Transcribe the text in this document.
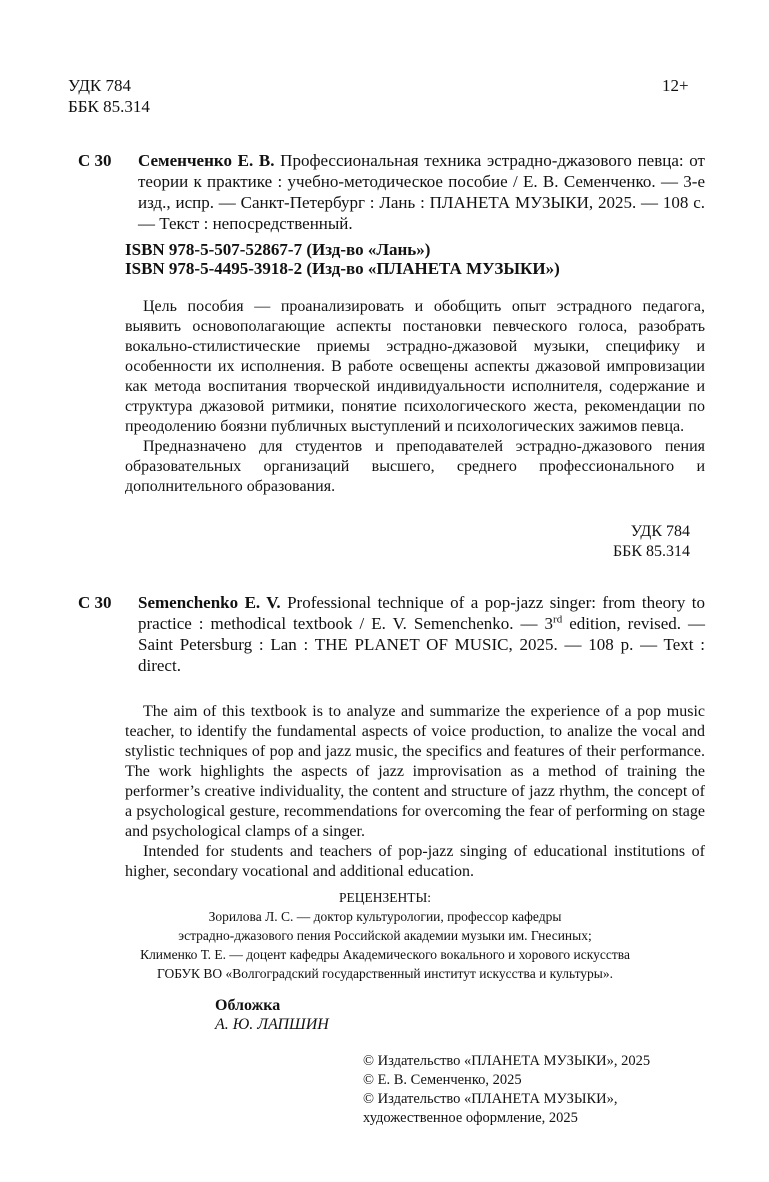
УДК 784
ББК 85.314
12+
С 30 Семенченко Е. В. Профессиональная техника эстрадно-джазового певца: от теории к практике : учебно-методическое пособие / Е. В. Семенченко. — 3-е изд., испр. — Санкт-Петербург : Лань : ПЛАНЕТА МУЗЫКИ, 2025. — 108 с. — Текст : непосредственный.
ISBN 978-5-507-52867-7 (Изд-во «Лань»)
ISBN 978-5-4495-3918-2 (Изд-во «ПЛАНЕТА МУЗЫКИ»)

Цель пособия — проанализировать и обобщить опыт эстрадного педагога, выявить основополагающие аспекты постановки певческого голоса, разобрать вокально-стилистические приемы эстрадно-джазовой музыки, специфику и особенности их исполнения. В работе освещены аспекты джазовой импровизации как метода воспитания творческой индивидуальности исполнителя, содержание и структура джазовой ритмики, понятие психологического жеста, рекомендации по преодолению боязни публичных выступлений и психологических зажимов певца.

Предназначено для студентов и преподавателей эстрадно-джазового пения образовательных организаций высшего, среднего профессионального и дополнительного образования.

УДК 784
ББК 85.314
С 30 Semenchenko E. V. Professional technique of a pop-jazz singer: from theory to practice : methodical textbook / E. V. Semenchenko. — 3rd edition, revised. — Saint Petersburg : Lan : THE PLANET OF MUSIC, 2025. — 108 p. — Text : direct.

The aim of this textbook is to analyze and summarize the experience of a pop music teacher, to identify the fundamental aspects of voice production, to analize the vocal and stylistic techniques of pop and jazz music, the specifics and features of their performance. The work highlights the aspects of jazz improvisation as a method of training the performer’s creative individuality, the content and structure of jazz rhythm, the concept of a psychological gesture, recommendations for overcoming the fear of performing on stage and psychological clamps of a singer.

Intended for students and teachers of pop-jazz singing of educational institutions of higher, secondary vocational and additional education.

РЕЦЕНЗЕНТЫ:
Зорилова Л. С. — доктор культурологии, профессор кафедры
эстрадно-джазового пения Российской академии музыки им. Гнесиных;
Клименко Т. Е. — доцент кафедры Академического вокального и хорового искусства
ГОБУК ВО «Волгоградский государственный институт искусства и культуры».
Обложка
А. Ю. ЛАПШИН
© Издательство «ПЛАНЕТА МУЗЫКИ», 2025
© Е. В. Семенченко, 2025
© Издательство «ПЛАНЕТА МУЗЫКИ»,
художественное оформление, 2025
